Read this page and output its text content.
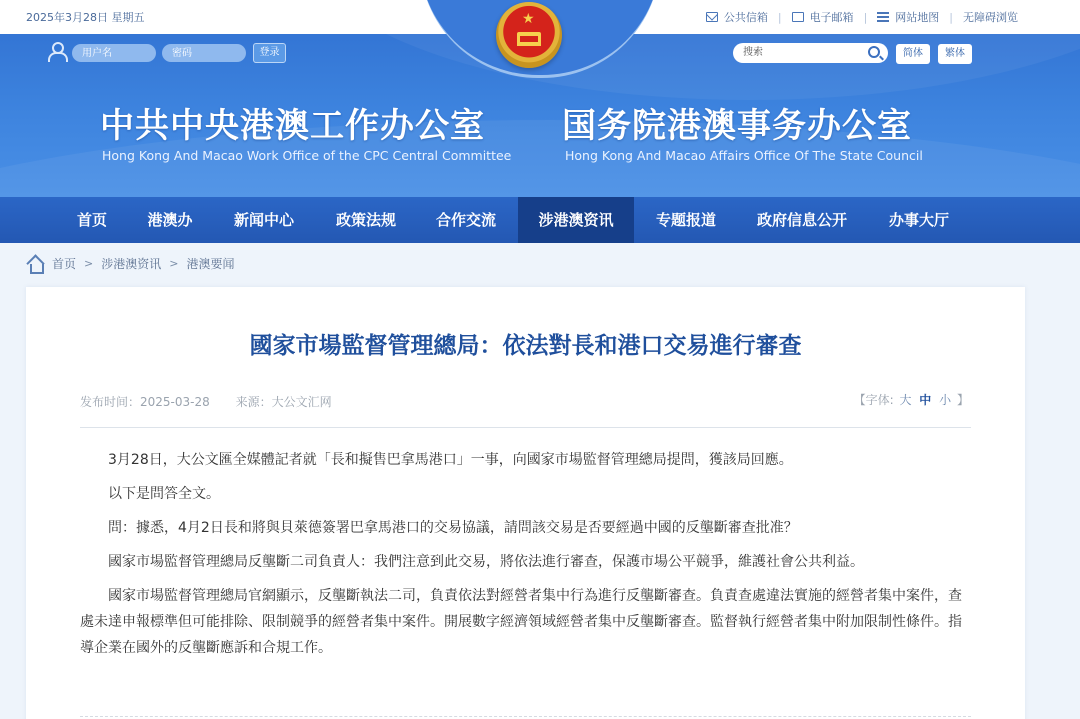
2025年3月28日 星期五	公共信箱 |	电子邮箱 |	网站地图 | 无障碍浏览
★
用户名
登录	搜索	简体	繁体
中共中央港澳工作办公室
Hong Kong And Macao Work Office of the CPC Central Committee
国务院港澳事务办公室
Hong Kong And Macao Affairs Office Of The State Council
首页	港澳办	新闻中心	政策法规	合作交流	涉港澳资讯	专题报道	政府信息公开	办事大厅
首页 > 涉港澳资讯 > 港澳要闻
國家市場監督管理總局：依法對長和港口交易進行審查
发布时间：2025-03-28 来源：大公文汇网	【字体: 大 中 小 】

3月28日，大公文匯全媒體記者就「長和擬售巴拿馬港口」一事，向國家市場監督管理總局提問，獲該局回應。

以下是問答全文。

問：據悉，4月2日長和將與貝萊德簽署巴拿馬港口的交易協議，請問該交易是否要經過中國的反壟斷審查批准？

國家市場監督管理總局反壟斷二司負責人：我們注意到此交易，將依法進行審查，保護市場公平競爭，維護社會公共利益。

國家市場監督管理總局官網顯示，反壟斷執法二司，負責依法對經營者集中行為進行反壟斷審查。負責查處違法實施的經營者集中案件，查處未達申報標準但可能排除、限制競爭的經營者集中案件。開展數字經濟領域經營者集中反壟斷審查。監督執行經營者集中附加限制性條件。指導企業在國外的反壟斷應訴和合規工作。
